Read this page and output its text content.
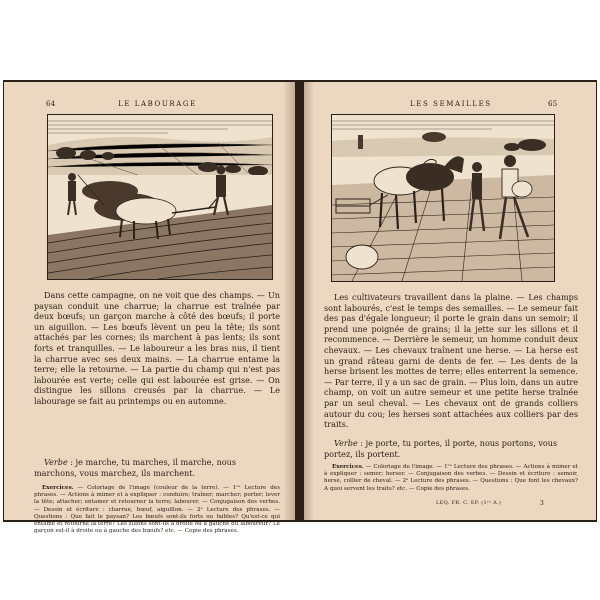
64	LE LABOURAGE

Dans cette campagne, on ne voit que des champs. — Un paysan conduit une charrue; la charrue est traînée par deux bœufs; un garçon marche à côté des bœufs; il porte un aiguillon. — Les bœufs lèvent un peu la tête; ils sont attachés par les cornes; ils marchent à pas lents; ils sont forts et tranquilles. — Le laboureur a les bras nus, il tient la charrue avec ses deux mains. — La charrue entame la terre; elle la retourne. — La partie du champ qui n'est pas labourée est verte; celle qui est labourée est grise. — On distingue les sillons creusés par la charrue. — Le labourage se fait au printemps ou en automne.

Verbe : je marche, tu marches, il marche, nous marchons, vous marchez, ils marchent.

Exercices. — Coloriage de l'image (couleur de la terre). — 1ʳᵉ Lecture des phrases. — Actions à mimer et à expliquer : conduire; traîner; marcher; porter; lever la tête; attacher; entamer et retourner la terre; labourer. — Conjugaison des verbes. — Dessin et écriture : charrue, bœuf, aiguillon. — 2ᵉ Lecture des phrases. — Questions : Que fait le paysan? Les bœufs sont-ils forts ou faibles? Qu'est-ce qui entame et retourne la terre? Les sillons sont-ils à droite ou à gauche du laboureur? Le garçon est-il à droite ou à gauche des bœufs? etc. — Copie des phrases.

LES SEMAILLES	65

Les cultivateurs travaillent dans la plaine. — Les champs sont labourés, c'est le temps des semailles. — Le semeur fait des pas d'égale longueur; il porte le grain dans un semoir; il prend une poignée de grains; il la jette sur les sillons et il recommence. — Derrière le semeur, un homme conduit deux chevaux. — Les chevaux traînent une herse. — La herse est un grand râteau garni de dents de fer. — Les dents de la herse brisent les mottes de terre; elles enterrent la semence. — Par terre, il y a un sac de grain. — Plus loin, dans un autre champ, on voit un autre semeur et une petite herse traînée par un seul cheval. — Les chevaux ont de grands colliers autour du cou; les herses sont attachées aux colliers par des traits.

Verbe : je porte, tu portes, il porte, nous portons, vous portez, ils portent.

Exercices. — Coloriage de l'image. — 1ʳᵉ Lecture des phrases. — Actions à mimer et à expliquer : semer; herser. — Conjugaison des verbes. — Dessin et écriture : semoir, herse, collier de cheval. — 2ᵉ Lecture des phrases. — Questions : Que font les chevaux? A quoi servent les traits? etc. — Copie des phrases.

LEQ. FR. C. EP. (1ʳᵉ A.)	3
